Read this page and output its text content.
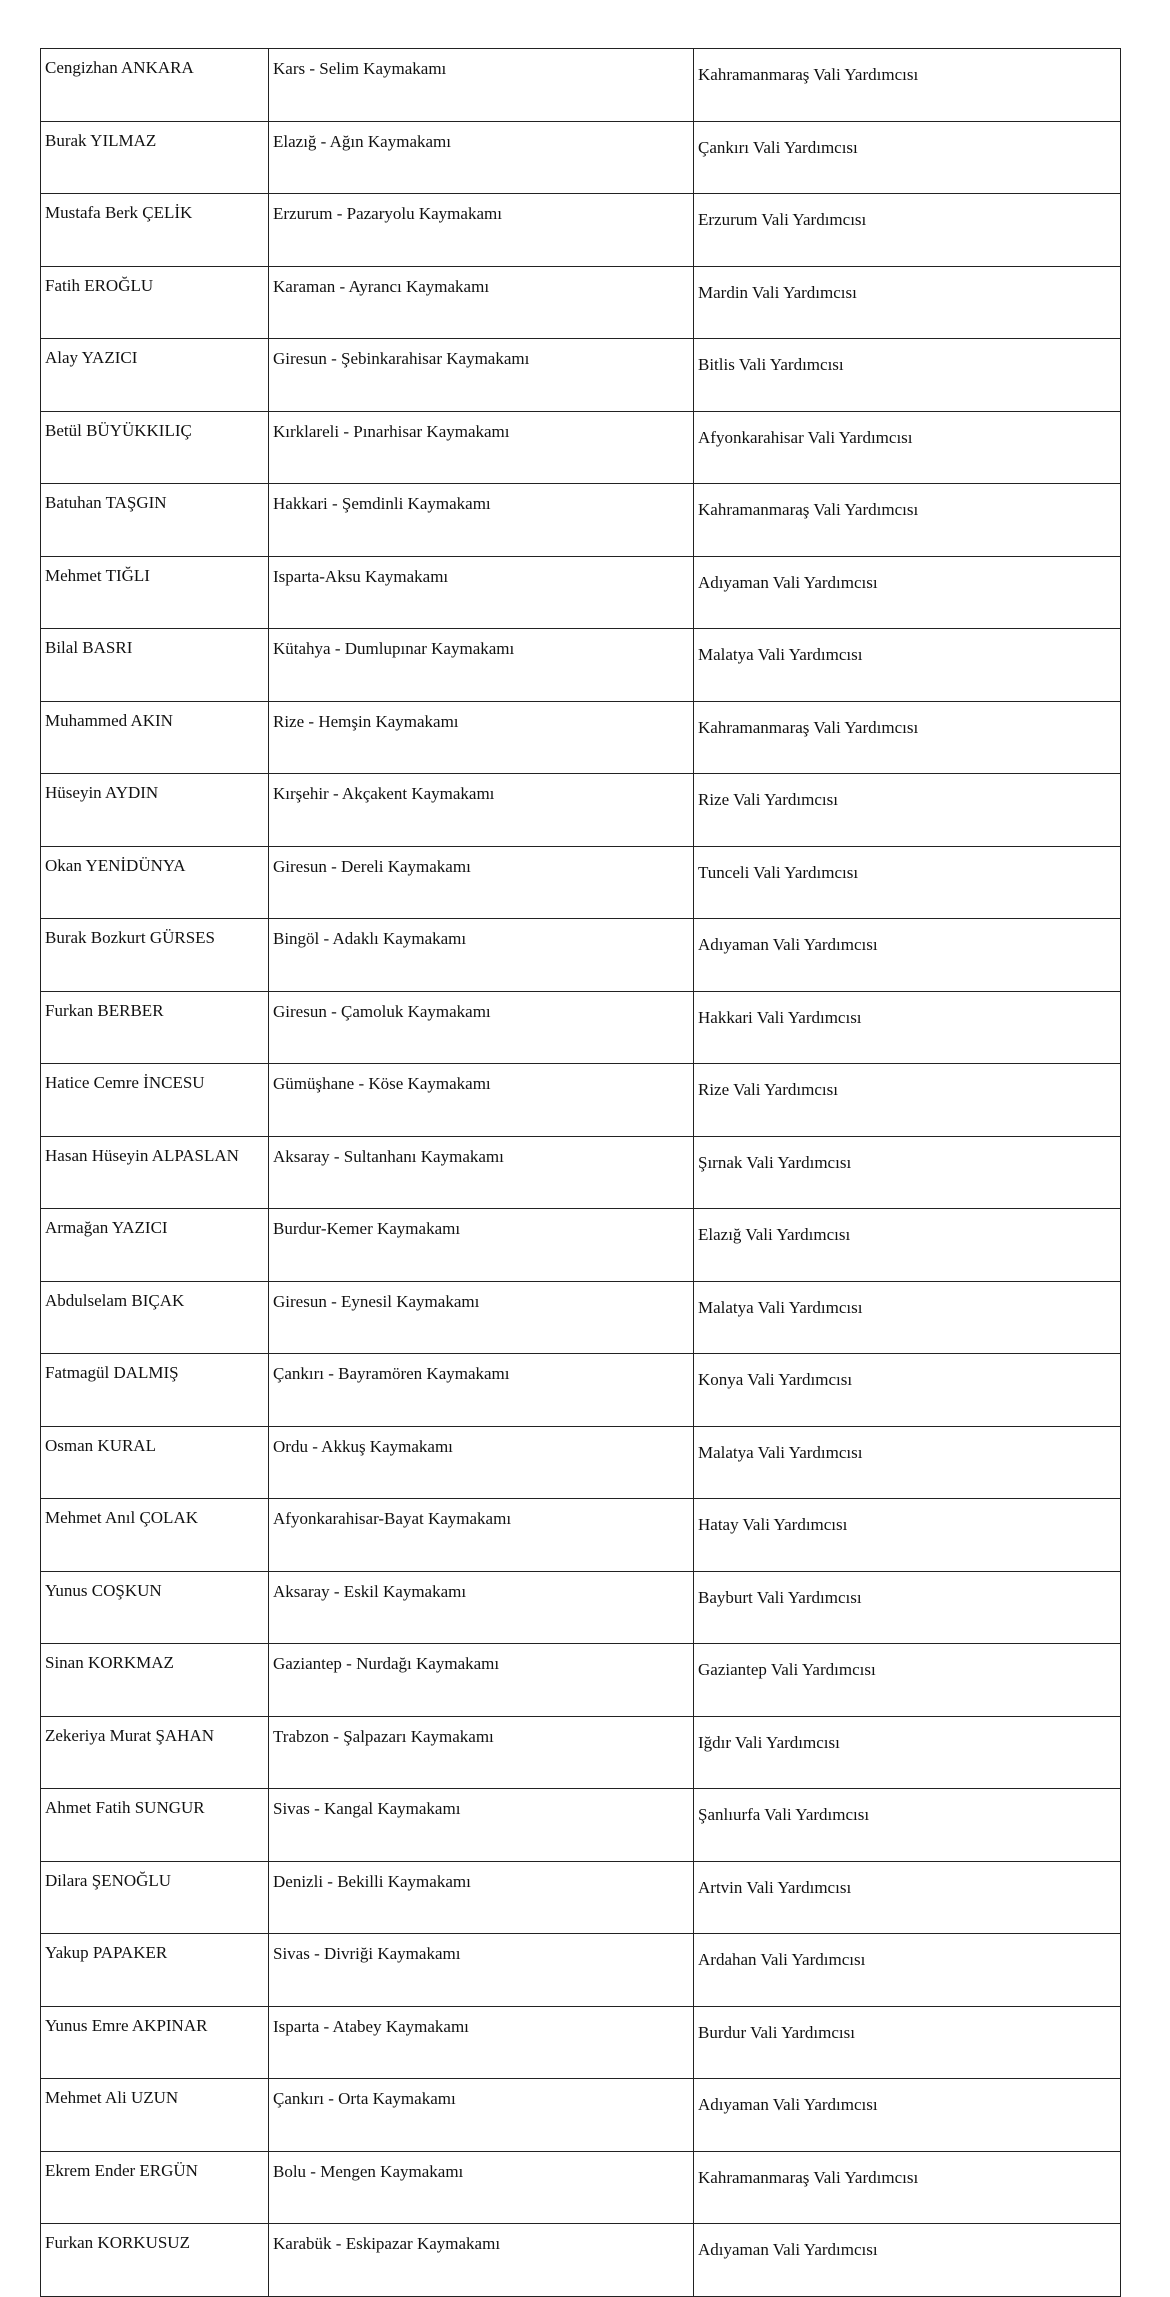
Cengizhan ANKARA	Kars - Selim Kaymakamı	Kahramanmaraş Vali Yardımcısı
Burak YILMAZ	Elazığ - Ağın Kaymakamı	Çankırı Vali Yardımcısı
Mustafa Berk ÇELİK	Erzurum - Pazaryolu Kaymakamı	Erzurum Vali Yardımcısı
Fatih EROĞLU	Karaman - Ayrancı Kaymakamı	Mardin Vali Yardımcısı
Alay YAZICI	Giresun - Şebinkarahisar Kaymakamı	Bitlis Vali Yardımcısı
Betül BÜYÜKKILIÇ	Kırklareli - Pınarhisar Kaymakamı	Afyonkarahisar Vali Yardımcısı
Batuhan TAŞGIN	Hakkari - Şemdinli Kaymakamı	Kahramanmaraş Vali Yardımcısı
Mehmet TIĞLI	Isparta-Aksu Kaymakamı	Adıyaman Vali Yardımcısı
Bilal BASRI	Kütahya - Dumlupınar Kaymakamı	Malatya Vali Yardımcısı
Muhammed AKIN	Rize - Hemşin Kaymakamı	Kahramanmaraş Vali Yardımcısı
Hüseyin AYDIN	Kırşehir - Akçakent Kaymakamı	Rize Vali Yardımcısı
Okan YENİDÜNYA	Giresun - Dereli Kaymakamı	Tunceli Vali Yardımcısı
Burak Bozkurt GÜRSES	Bingöl - Adaklı Kaymakamı	Adıyaman Vali Yardımcısı
Furkan BERBER	Giresun - Çamoluk Kaymakamı	Hakkari Vali Yardımcısı
Hatice Cemre İNCESU	Gümüşhane - Köse Kaymakamı	Rize Vali Yardımcısı
Hasan Hüseyin ALPASLAN	Aksaray - Sultanhanı Kaymakamı	Şırnak Vali Yardımcısı
Armağan YAZICI	Burdur-Kemer Kaymakamı	Elazığ Vali Yardımcısı
Abdulselam BIÇAK	Giresun - Eynesil Kaymakamı	Malatya Vali Yardımcısı
Fatmagül DALMIŞ	Çankırı - Bayramören Kaymakamı	Konya Vali Yardımcısı
Osman KURAL	Ordu - Akkuş Kaymakamı	Malatya Vali Yardımcısı
Mehmet Anıl ÇOLAK	Afyonkarahisar-Bayat Kaymakamı	Hatay Vali Yardımcısı
Yunus COŞKUN	Aksaray - Eskil Kaymakamı	Bayburt Vali Yardımcısı
Sinan KORKMAZ	Gaziantep - Nurdağı Kaymakamı	Gaziantep Vali Yardımcısı
Zekeriya Murat ŞAHAN	Trabzon - Şalpazarı Kaymakamı	Iğdır Vali Yardımcısı
Ahmet Fatih SUNGUR	Sivas - Kangal Kaymakamı	Şanlıurfa Vali Yardımcısı
Dilara ŞENOĞLU	Denizli - Bekilli Kaymakamı	Artvin Vali Yardımcısı
Yakup PAPAKER	Sivas - Divriği Kaymakamı	Ardahan Vali Yardımcısı
Yunus Emre AKPINAR	Isparta - Atabey Kaymakamı	Burdur Vali Yardımcısı
Mehmet Ali UZUN	Çankırı - Orta Kaymakamı	Adıyaman Vali Yardımcısı
Ekrem Ender ERGÜN	Bolu - Mengen Kaymakamı	Kahramanmaraş Vali Yardımcısı
Furkan KORKUSUZ	Karabük - Eskipazar Kaymakamı	Adıyaman Vali Yardımcısı
